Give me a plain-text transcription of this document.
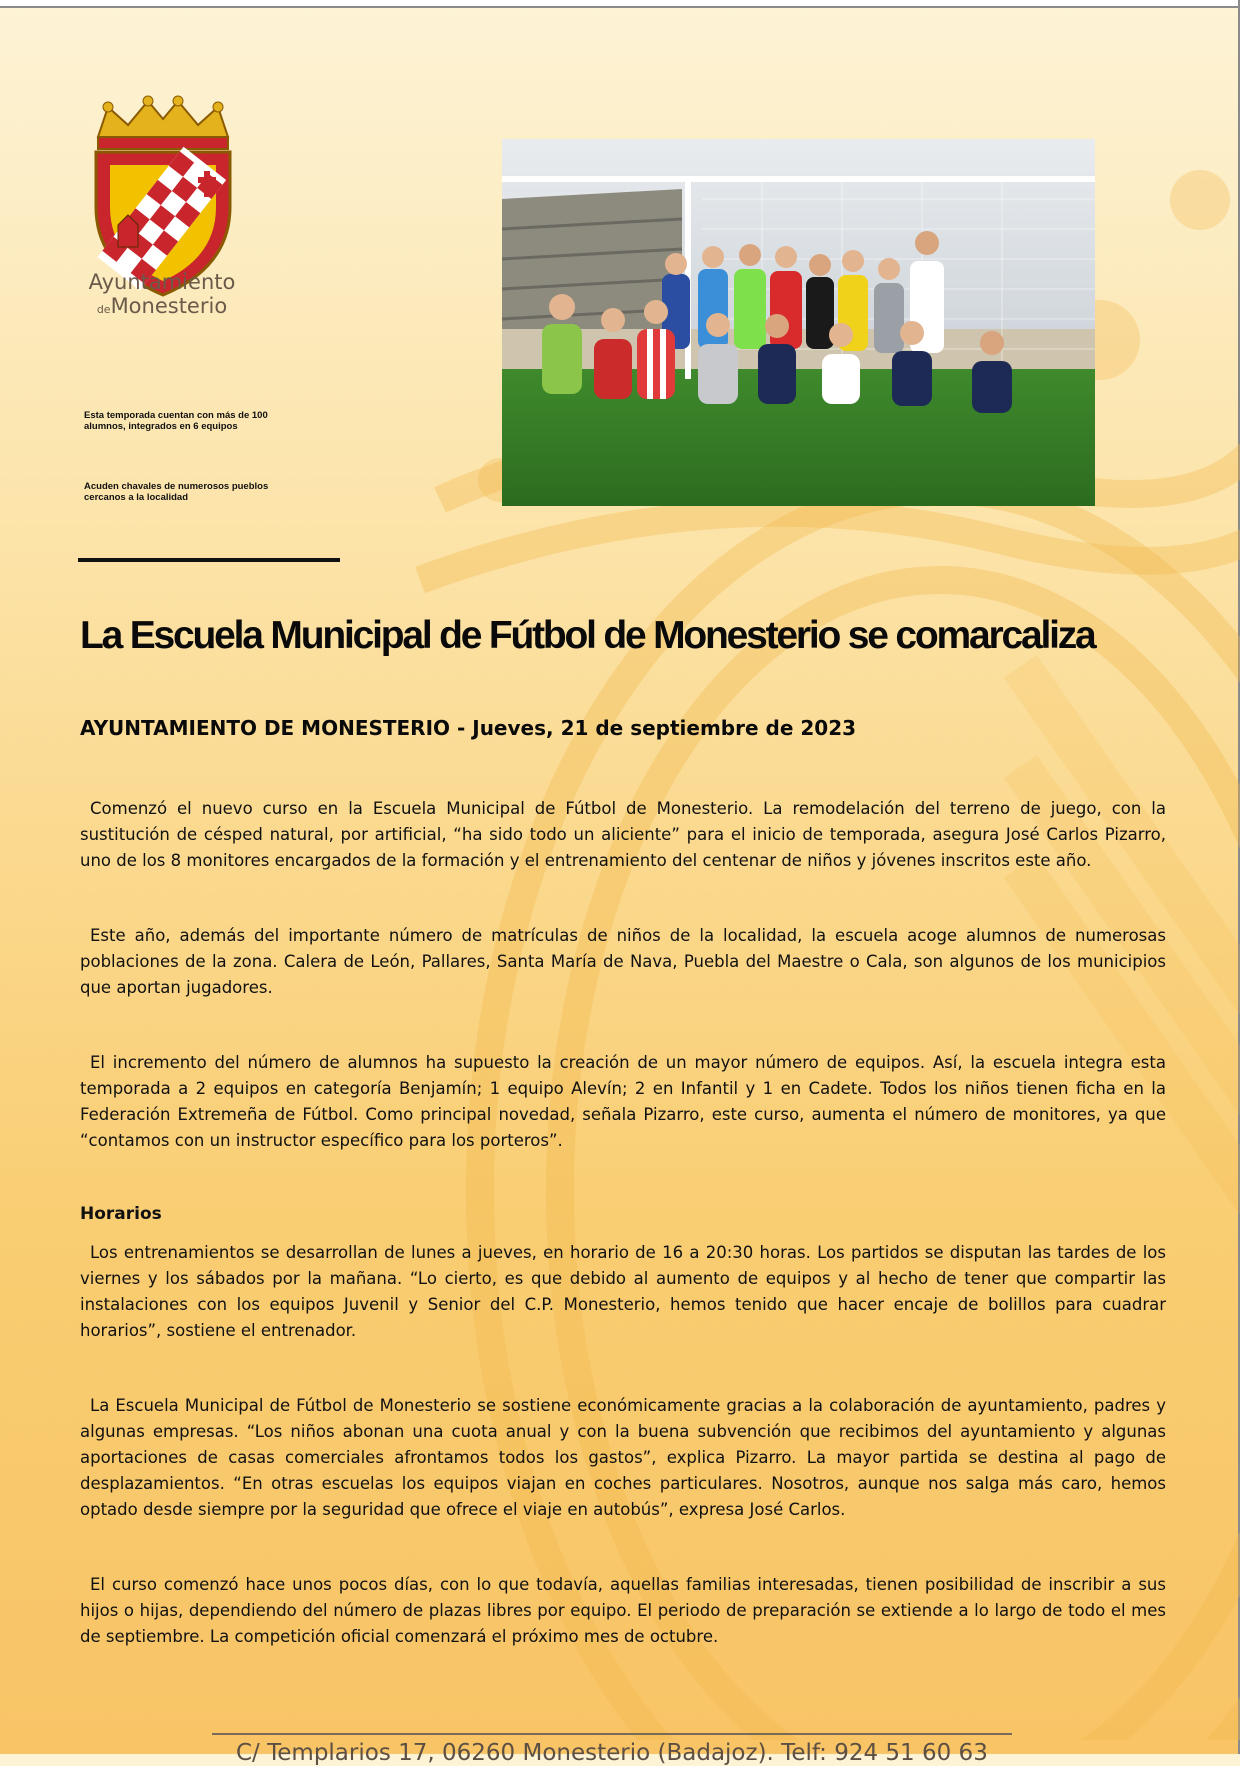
Ayuntamiento
deMonesterio
Esta temporada cuentan con más de 100 alumnos, integrados en 6 equipos
Acuden chavales de numerosos pueblos cercanos a la localidad
La Escuela Municipal de Fútbol de Monesterio se comarcaliza
AYUNTAMIENTO DE MONESTERIO - Jueves, 21 de septiembre de 2023

Comenzó el nuevo curso en la Escuela Municipal de Fútbol de Monesterio. La remodelación del terreno de juego, con la sustitución de césped natural, por artificial, “ha sido todo un aliciente” para el inicio de temporada, asegura José Carlos Pizarro, uno de los 8 monitores encargados de la formación y el entrenamiento del centenar de niños y jóvenes inscritos este año.

Este año, además del importante número de matrículas de niños de la localidad, la escuela acoge alumnos de numerosas poblaciones de la zona. Calera de León, Pallares, Santa María de Nava, Puebla del Maestre o Cala, son algunos de los municipios que aportan jugadores.

El incremento del número de alumnos ha supuesto la creación de un mayor número de equipos. Así, la escuela integra esta temporada a 2 equipos en categoría Benjamín; 1 equipo Alevín; 2 en Infantil y 1 en Cadete. Todos los niños tienen ficha en la Federación Extremeña de Fútbol. Como principal novedad, señala Pizarro, este curso, aumenta el número de monitores, ya que “contamos con un instructor específico para los porteros”.

Horarios

Los entrenamientos se desarrollan de lunes a jueves, en horario de 16 a 20:30 horas. Los partidos se disputan las tardes de los viernes y los sábados por la mañana. “Lo cierto, es que debido al aumento de equipos y al hecho de tener que compartir las instalaciones con los equipos Juvenil y Senior del C.P. Monesterio, hemos tenido que hacer encaje de bolillos para cuadrar horarios”, sostiene el entrenador.

La Escuela Municipal de Fútbol de Monesterio se sostiene económicamente gracias a la colaboración de ayuntamiento, padres y algunas empresas. “Los niños abonan una cuota anual y con la buena subvención que recibimos del ayuntamiento y algunas aportaciones de casas comerciales afrontamos todos los gastos”, explica Pizarro. La mayor partida se destina al pago de desplazamientos. “En otras escuelas los equipos viajan en coches particulares. Nosotros, aunque nos salga más caro, hemos optado desde siempre por la seguridad que ofrece el viaje en autobús”, expresa José Carlos.

El curso comenzó hace unos pocos días, con lo que todavía, aquellas familias interesadas, tienen posibilidad de inscribir a sus hijos o hijas, dependiendo del número de plazas libres por equipo. El periodo de preparación se extiende a lo largo de todo el mes de septiembre. La competición oficial comenzará el próximo mes de octubre.

C/ Templarios 17, 06260 Monesterio (Badajoz). Telf: 924 51 60 63
